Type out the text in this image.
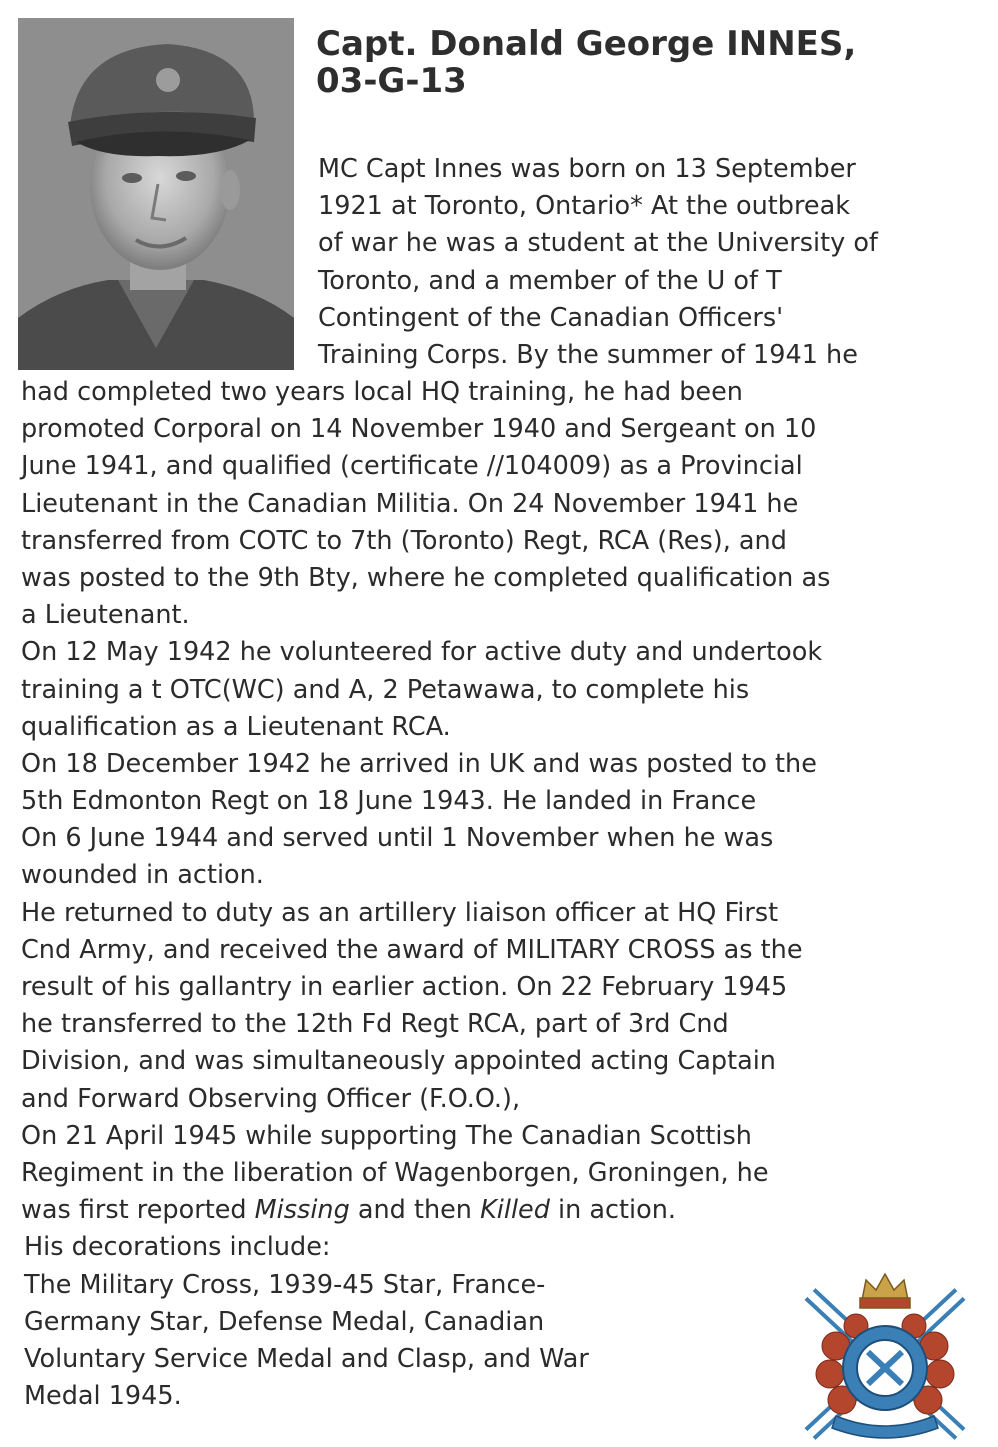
Capt. Donald George INNES,
03-G-13
MC Capt Innes was born on 13 September
1921 at Toronto, Ontario* At the outbreak
of war he was a student at the University of
Toronto, and a member of the U of T
Contingent of the Canadian Officers'
Training Corps. By the summer of 1941 he
had completed two years local HQ training, he had been
promoted Corporal on 14 November 1940 and Sergeant on 10
June 1941, and qualified (certificate //104009) as a Provincial
Lieutenant in the Canadian Militia. On 24 November 1941 he
transferred from COTC to 7th (Toronto) Regt, RCA (Res), and
was posted to the 9th Bty, where he completed qualification as
a Lieutenant.
On 12 May 1942 he volunteered for active duty and undertook
training a t OTC(WC) and A, 2 Petawawa, to complete his
qualification as a Lieutenant RCA.
On 18 December 1942 he arrived in UK and was posted to the
5th Edmonton Regt on 18 June 1943. He landed in France
On 6 June 1944 and served until 1 November when he was
wounded in action.
He returned to duty as an artillery liaison officer at HQ First
Cnd Army, and received the award of MILITARY CROSS as the
result of his gallantry in earlier action. On 22 February 1945
he transferred to the 12th Fd Regt RCA, part of 3rd Cnd
Division, and was simultaneously appointed acting Captain
and Forward Observing Officer (F.O.O.),
On 21 April 1945 while supporting The Canadian Scottish
Regiment in the liberation of Wagenborgen, Groningen, he
was first reported Missing and then Killed in action.
His decorations include:
The Military Cross, 1939-45 Star, France-
Germany Star, Defense Medal, Canadian
Voluntary Service Medal and Clasp, and War
Medal 1945.
